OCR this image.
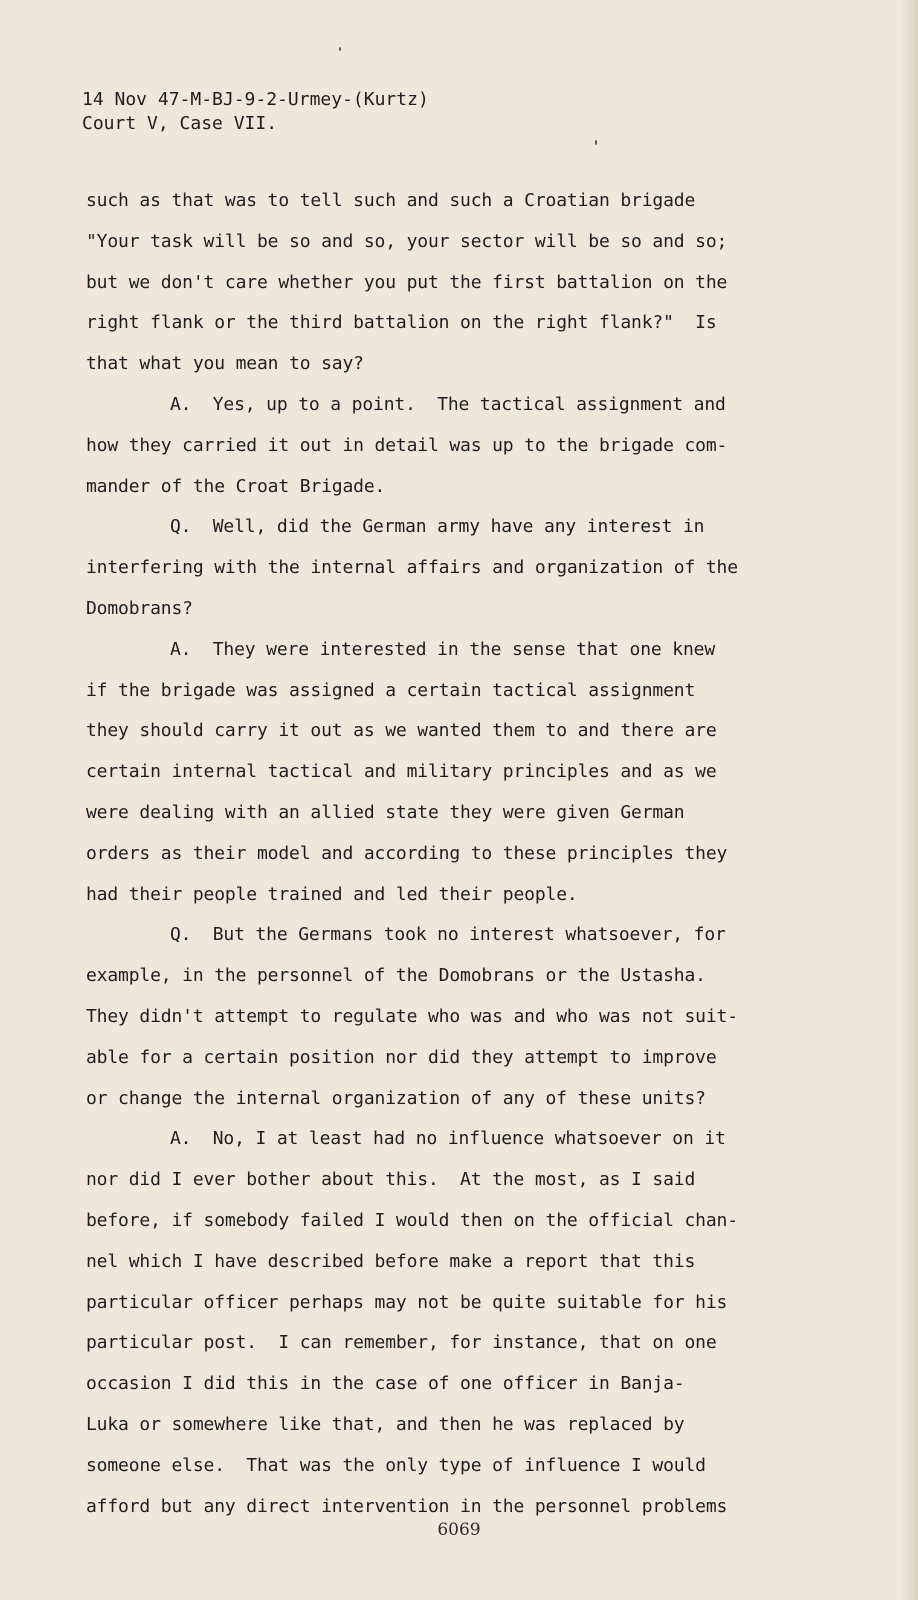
14 Nov 47-M-BJ-9-2-Urmey-(Kurtz)
Court V, Case VII.
such as that was to tell such and such a Croatian brigade
"Your task will be so and so, your sector will be so and so;
but we don't care whether you put the first battalion on the
right flank or the third battalion on the right flank?"  Is
that what you mean to say?
A.  Yes, up to a point.  The tactical assignment and
how they carried it out in detail was up to the brigade com-
mander of the Croat Brigade.
Q.  Well, did the German army have any interest in
interfering with the internal affairs and organization of the
Domobrans?
A.  They were interested in the sense that one knew
if the brigade was assigned a certain tactical assignment
they should carry it out as we wanted them to and there are
certain internal tactical and military principles and as we
were dealing with an allied state they were given German
orders as their model and according to these principles they
had their people trained and led their people.
Q.  But the Germans took no interest whatsoever, for
example, in the personnel of the Domobrans or the Ustasha.
They didn't attempt to regulate who was and who was not suit-
able for a certain position nor did they attempt to improve
or change the internal organization of any of these units?
A.  No, I at least had no influence whatsoever on it
nor did I ever bother about this.  At the most, as I said
before, if somebody failed I would then on the official chan-
nel which I have described before make a report that this
particular officer perhaps may not be quite suitable for his
particular post.  I can remember, for instance, that on one
occasion I did this in the case of one officer in Banja-
Luka or somewhere like that, and then he was replaced by
someone else.  That was the only type of influence I would
afford but any direct intervention in the personnel problems
6069
